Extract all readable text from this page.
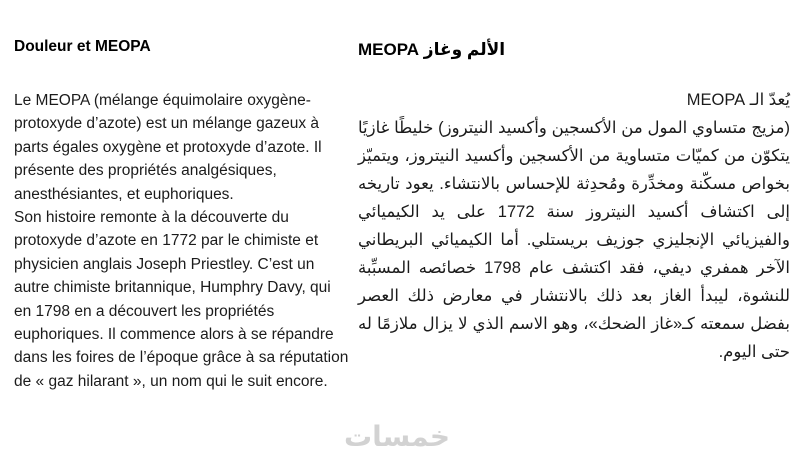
Douleur et MEOPA

Le MEOPA (mélange équimolaire oxygène-protoxyde d’azote) est un mélange gazeux à parts égales oxygène et protoxyde d’azote. Il présente des propriétés analgésiques, anesthésiantes, et euphoriques.

Son histoire remonte à la découverte du protoxyde d’azote en 1772 par le chimiste et physicien anglais Joseph Priestley. C’est un autre chimiste britannique, Humphry Davy, qui en 1798 en a découvert les propriétés euphoriques. Il commence alors à se répandre dans les foires de l’époque grâce à sa réputation de « gaz hilarant », un nom qui le suit encore.

الألم وغاز MEOPA

يُعدّ الـ MEOPA

(مزيج متساوي المول من الأكسجين وأكسيد النيتروز) خليطًا غازيًا يتكوّن من كميّات متساوية من الأكسجين وأكسيد النيتروز، ويتميّز بخواص مسكّنة ومخدِّرة ومُحدِثة للإحساس بالانتشاء. يعود تاريخه إلى اكتشاف أكسيد النيتروز سنة 1772 على يد الكيميائي والفيزيائي الإنجليزي جوزيف بريستلي. أما الكيميائي البريطاني الآخر همفري ديفي، فقد اكتشف عام 1798 خصائصه المسبِّبة للنشوة، ليبدأ الغاز بعد ذلك بالانتشار في معارض ذلك العصر بفضل سمعته كـ«غاز الضحك»، وهو الاسم الذي لا يزال ملازمًا له حتى اليوم.

خمسات
